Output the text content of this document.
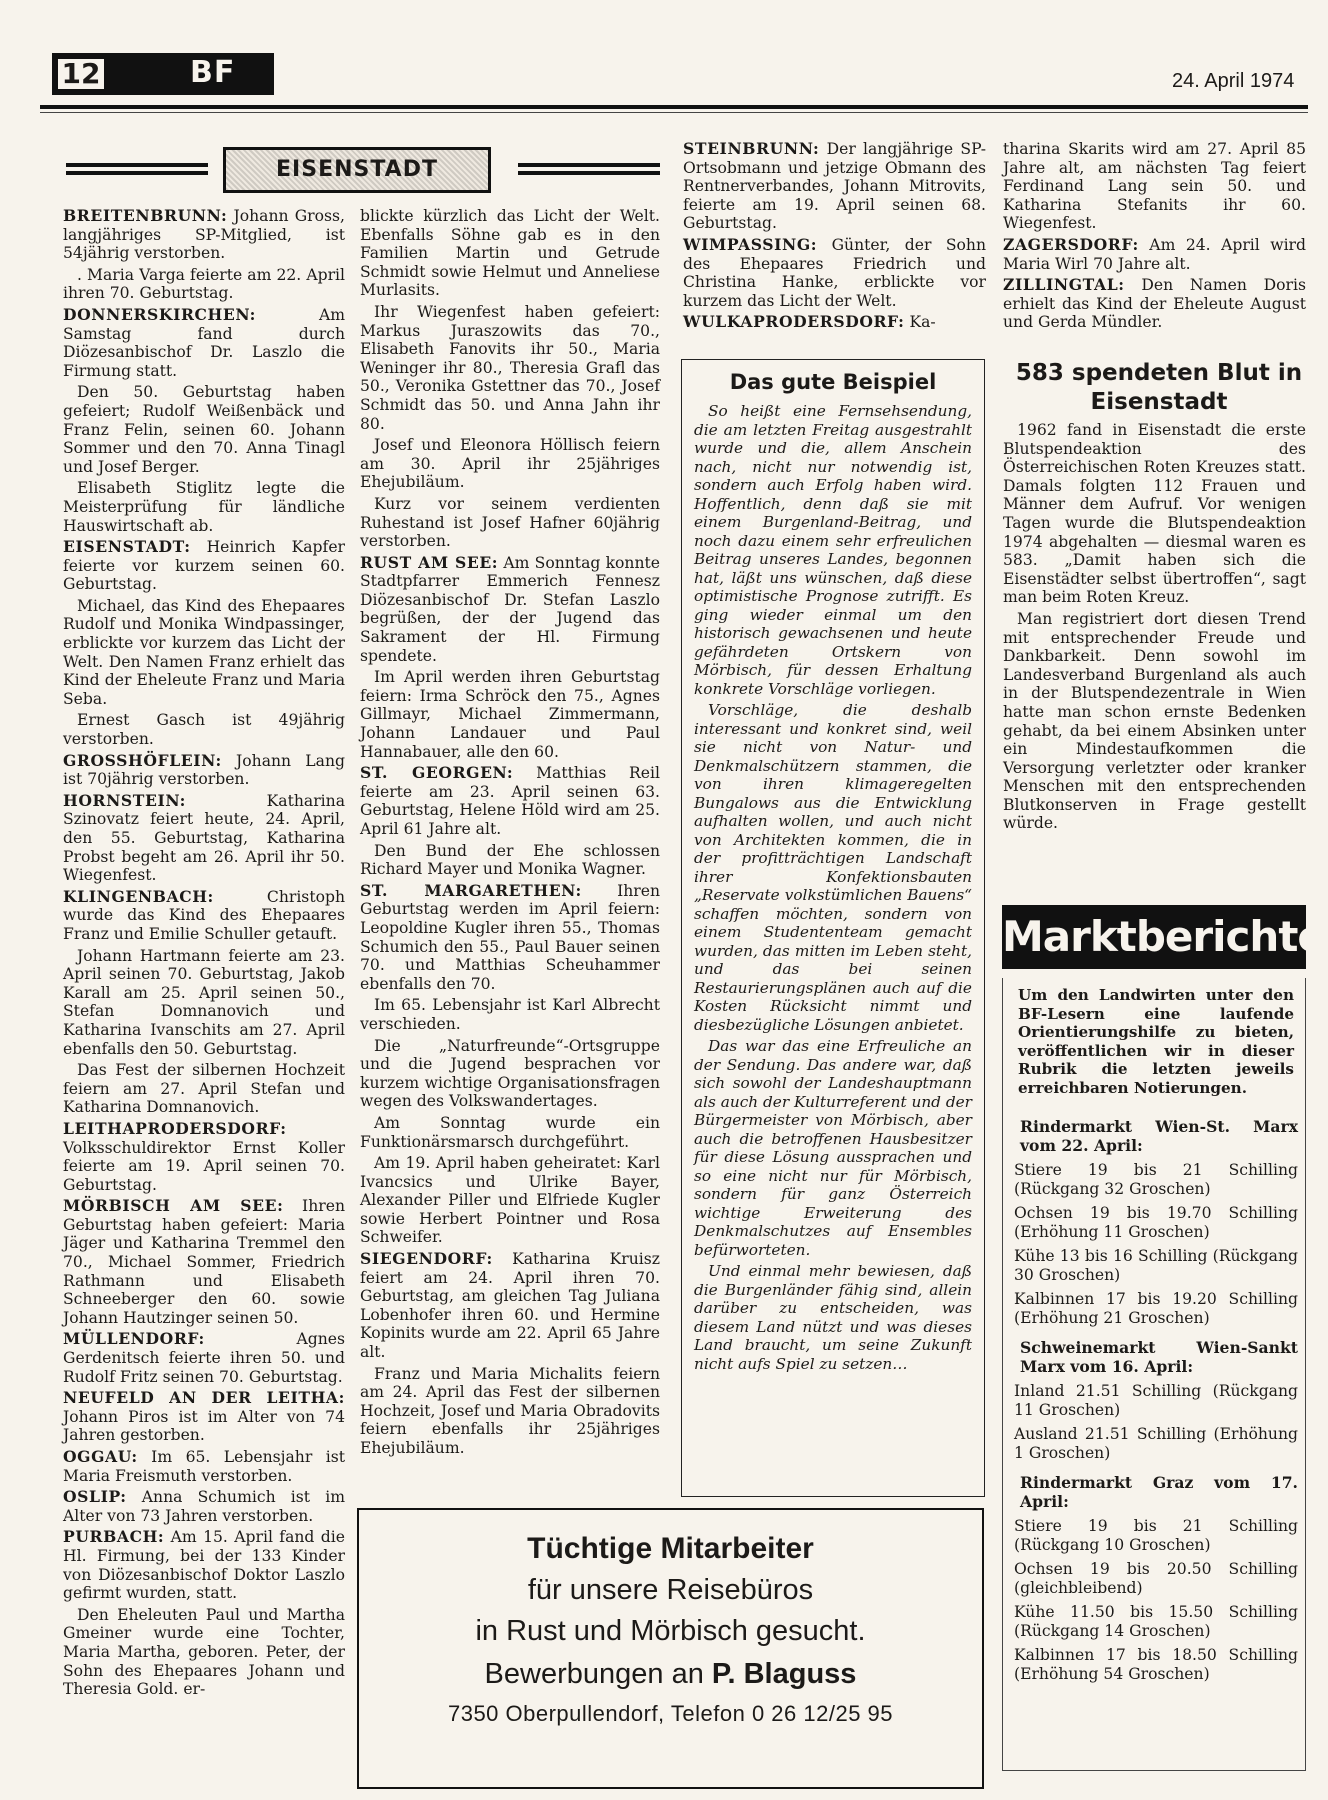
12	BF	24. April 1974
EISENSTADT

BREITENBRUNN: Johann Gross, langjähriges SP-Mitglied, ist 54jährig verstorben.

. Maria Varga feierte am 22. April ihren 70. Geburtstag.

DONNERSKIRCHEN: Am Samstag fand durch Diözesanbischof Dr. Laszlo die Firmung statt.

Den 50. Geburtstag haben gefeiert; Rudolf Weißenbäck und Franz Felin, seinen 60. Johann Sommer und den 70. Anna Tinagl und Josef Berger.

Elisabeth Stiglitz legte die Meisterprüfung für ländliche Hauswirtschaft ab.

EISENSTADT: Heinrich Kapfer feierte vor kurzem seinen 60. Geburtstag.

Michael, das Kind des Ehepaares Rudolf und Monika Windpassinger, erblickte vor kurzem das Licht der Welt. Den Namen Franz erhielt das Kind der Eheleute Franz und Maria Seba.

Ernest Gasch ist 49jährig verstorben.

GROSSHÖFLEIN: Johann Lang ist 70jährig verstorben.

HORNSTEIN: Katharina Szinovatz feiert heute, 24. April, den 55. Geburtstag, Katharina Probst begeht am 26. April ihr 50. Wiegenfest.

KLINGENBACH: Christoph wurde das Kind des Ehepaares Franz und Emilie Schuller getauft.

Johann Hartmann feierte am 23. April seinen 70. Geburtstag, Jakob Karall am 25. April seinen 50., Stefan Domnanovich und Katharina Ivanschits am 27. April ebenfalls den 50. Geburtstag.

Das Fest der silbernen Hochzeit feiern am 27. April Stefan und Katharina Domnanovich.

LEITHAPRODERSDORF: Volksschuldirektor Ernst Koller feierte am 19. April seinen 70. Geburtstag.

MÖRBISCH AM SEE: Ihren Geburtstag haben gefeiert: Maria Jäger und Katharina Tremmel den 70., Michael Sommer, Friedrich Rathmann und Elisabeth Schneeberger den 60. sowie Johann Hautzinger seinen 50.

MÜLLENDORF: Agnes Gerdenitsch feierte ihren 50. und Rudolf Fritz seinen 70. Geburtstag.

NEUFELD AN DER LEITHA: Johann Piros ist im Alter von 74 Jahren gestorben.

OGGAU: Im 65. Lebensjahr ist Maria Freismuth verstorben.

OSLIP: Anna Schumich ist im Alter von 73 Jahren verstorben.

PURBACH: Am 15. April fand die Hl. Firmung, bei der 133 Kinder von Diözesanbischof Doktor Laszlo gefirmt wurden, statt.

Den Eheleuten Paul und Martha Gmeiner wurde eine Tochter, Maria Martha, geboren. Peter, der Sohn des Ehepaares Johann und Theresia Gold. er-

blickte kürzlich das Licht der Welt. Ebenfalls Söhne gab es in den Familien Martin und Getrude Schmidt sowie Helmut und Anneliese Murlasits.

Ihr Wiegenfest haben gefeiert: Markus Juraszowits das 70., Elisabeth Fanovits ihr 50., Maria Weninger ihr 80., Theresia Grafl das 50., Veronika Gstettner das 70., Josef Schmidt das 50. und Anna Jahn ihr 80.

Josef und Eleonora Höllisch feiern am 30. April ihr 25jähriges Ehejubiläum.

Kurz vor seinem verdienten Ruhestand ist Josef Hafner 60jährig verstorben.

RUST AM SEE: Am Sonntag konnte Stadtpfarrer Emmerich Fennesz Diözesanbischof Dr. Stefan Laszlo begrüßen, der der Jugend das Sakrament der Hl. Firmung spendete.

Im April werden ihren Geburtstag feiern: Irma Schröck den 75., Agnes Gillmayr, Michael Zimmermann, Johann Landauer und Paul Hannabauer, alle den 60.

ST. GEORGEN: Matthias Reil feierte am 23. April seinen 63. Geburtstag, Helene Höld wird am 25. April 61 Jahre alt.

Den Bund der Ehe schlossen Richard Mayer und Monika Wagner.

ST. MARGARETHEN: Ihren Geburtstag werden im April feiern: Leopoldine Kugler ihren 55., Thomas Schumich den 55., Paul Bauer seinen 70. und Matthias Scheuhammer ebenfalls den 70.

Im 65. Lebensjahr ist Karl Albrecht verschieden.

Die „Naturfreunde“-Ortsgruppe und die Jugend besprachen vor kurzem wichtige Organisationsfragen wegen des Volkswandertages.

Am Sonntag wurde ein Funktionärsmarsch durchgeführt.

Am 19. April haben geheiratet: Karl Ivancsics und Ulrike Bayer, Alexander Piller und Elfriede Kugler sowie Herbert Pointner und Rosa Schweifer.

SIEGENDORF: Katharina Kruisz feiert am 24. April ihren 70. Geburtstag, am gleichen Tag Juliana Lobenhofer ihren 60. und Hermine Kopinits wurde am 22. April 65 Jahre alt.

Franz und Maria Michalits feiern am 24. April das Fest der silbernen Hochzeit, Josef und Maria Obradovits feiern ebenfalls ihr 25jähriges Ehejubiläum.

STEINBRUNN: Der langjährige SP-Ortsobmann und jetzige Obmann des Rentnerverbandes, Johann Mitrovits, feierte am 19. April seinen 68. Geburtstag.

WIMPASSING: Günter, der Sohn des Ehepaares Friedrich und Christina Hanke, erblickte vor kurzem das Licht der Welt.

WULKAPRODERSDORF: Ka-

tharina Skarits wird am 27. April 85 Jahre alt, am nächsten Tag feiert Ferdinand Lang sein 50. und Katharina Stefanits ihr 60. Wiegenfest.

ZAGERSDORF: Am 24. April wird Maria Wirl 70 Jahre alt.

ZILLINGTAL: Den Namen Doris erhielt das Kind der Eheleute August und Gerda Mündler.

Das gute Beispiel

So heißt eine Fernsehsendung, die am letzten Freitag ausgestrahlt wurde und die, allem Anschein nach, nicht nur notwendig ist, sondern auch Erfolg haben wird. Hoffentlich, denn daß sie mit einem Burgenland-Beitrag, und noch dazu einem sehr erfreulichen Beitrag unseres Landes, begonnen hat, läßt uns wünschen, daß diese optimistische Prognose zutrifft. Es ging wieder einmal um den historisch gewachsenen und heute gefährdeten Ortskern von Mörbisch, für dessen Erhaltung konkrete Vorschläge vorliegen.

Vorschläge, die deshalb interessant und konkret sind, weil sie nicht von Natur- und Denkmalschützern stammen, die von ihren klimageregelten Bungalows aus die Entwicklung aufhalten wollen, und auch nicht von Architekten kommen, die in der profitträchtigen Landschaft ihrer Konfektionsbauten „Reservate volkstümlichen Bauens“ schaffen möchten, sondern von einem Studententeam gemacht wurden, das mitten im Leben steht, und das bei seinen Restaurierungsplänen auch auf die Kosten Rücksicht nimmt und diesbezügliche Lösungen anbietet.

Das war das eine Erfreuliche an der Sendung. Das andere war, daß sich sowohl der Landeshauptmann als auch der Kulturreferent und der Bürgermeister von Mörbisch, aber auch die betroffenen Hausbesitzer für diese Lösung aussprachen und so eine nicht nur für Mörbisch, sondern für ganz Österreich wichtige Erweiterung des Denkmalschutzes auf Ensembles befürworteten.

Und einmal mehr bewiesen, daß die Burgenländer fähig sind, allein darüber zu entscheiden, was diesem Land nützt und was dieses Land braucht, um seine Zukunft nicht aufs Spiel zu setzen…

583 spendeten Blut in Eisenstadt

1962 fand in Eisenstadt die erste Blutspendeaktion des Österreichischen Roten Kreuzes statt. Damals folgten 112 Frauen und Männer dem Aufruf. Vor wenigen Tagen wurde die Blutspendeaktion 1974 abgehalten — diesmal waren es 583. „Damit haben sich die Eisenstädter selbst übertroffen“, sagt man beim Roten Kreuz.

Man registriert dort diesen Trend mit entsprechender Freude und Dankbarkeit. Denn sowohl im Landesverband Burgenland als auch in der Blutspendezentrale in Wien hatte man schon ernste Bedenken gehabt, da bei einem Absinken unter ein Mindestaufkommen die Versorgung verletzter oder kranker Menschen mit den entsprechenden Blutkonserven in Frage gestellt würde.

Marktberichte
Um den Landwirten unter den BF-Lesern eine laufende Orientierungshilfe zu bieten, veröffentlichen wir in dieser Rubrik die letzten jeweils erreichbaren Notierungen.

Rindermarkt Wien-St. Marx vom 22. April:

Stiere 19 bis 21 Schilling (Rückgang 32 Groschen)

Ochsen 19 bis 19.70 Schilling (Erhöhung 11 Groschen)

Kühe 13 bis 16 Schilling (Rückgang 30 Groschen)

Kalbinnen 17 bis 19.20 Schilling (Erhöhung 21 Groschen)

Schweinemarkt Wien-Sankt Marx vom 16. April:

Inland 21.51 Schilling (Rückgang 11 Groschen)

Ausland 21.51 Schilling (Erhöhung 1 Groschen)

Rindermarkt Graz vom 17. April:

Stiere 19 bis 21 Schilling (Rückgang 10 Groschen)

Ochsen 19 bis 20.50 Schilling (gleichbleibend)

Kühe 11.50 bis 15.50 Schilling (Rückgang 14 Groschen)

Kalbinnen 17 bis 18.50 Schilling (Erhöhung 54 Groschen)

Tüchtige Mitarbeiter
für unsere Reisebüros
in Rust und Mörbisch gesucht.
Bewerbungen an P. Blaguss
7350 Oberpullendorf, Telefon 0 26 12/25 95
